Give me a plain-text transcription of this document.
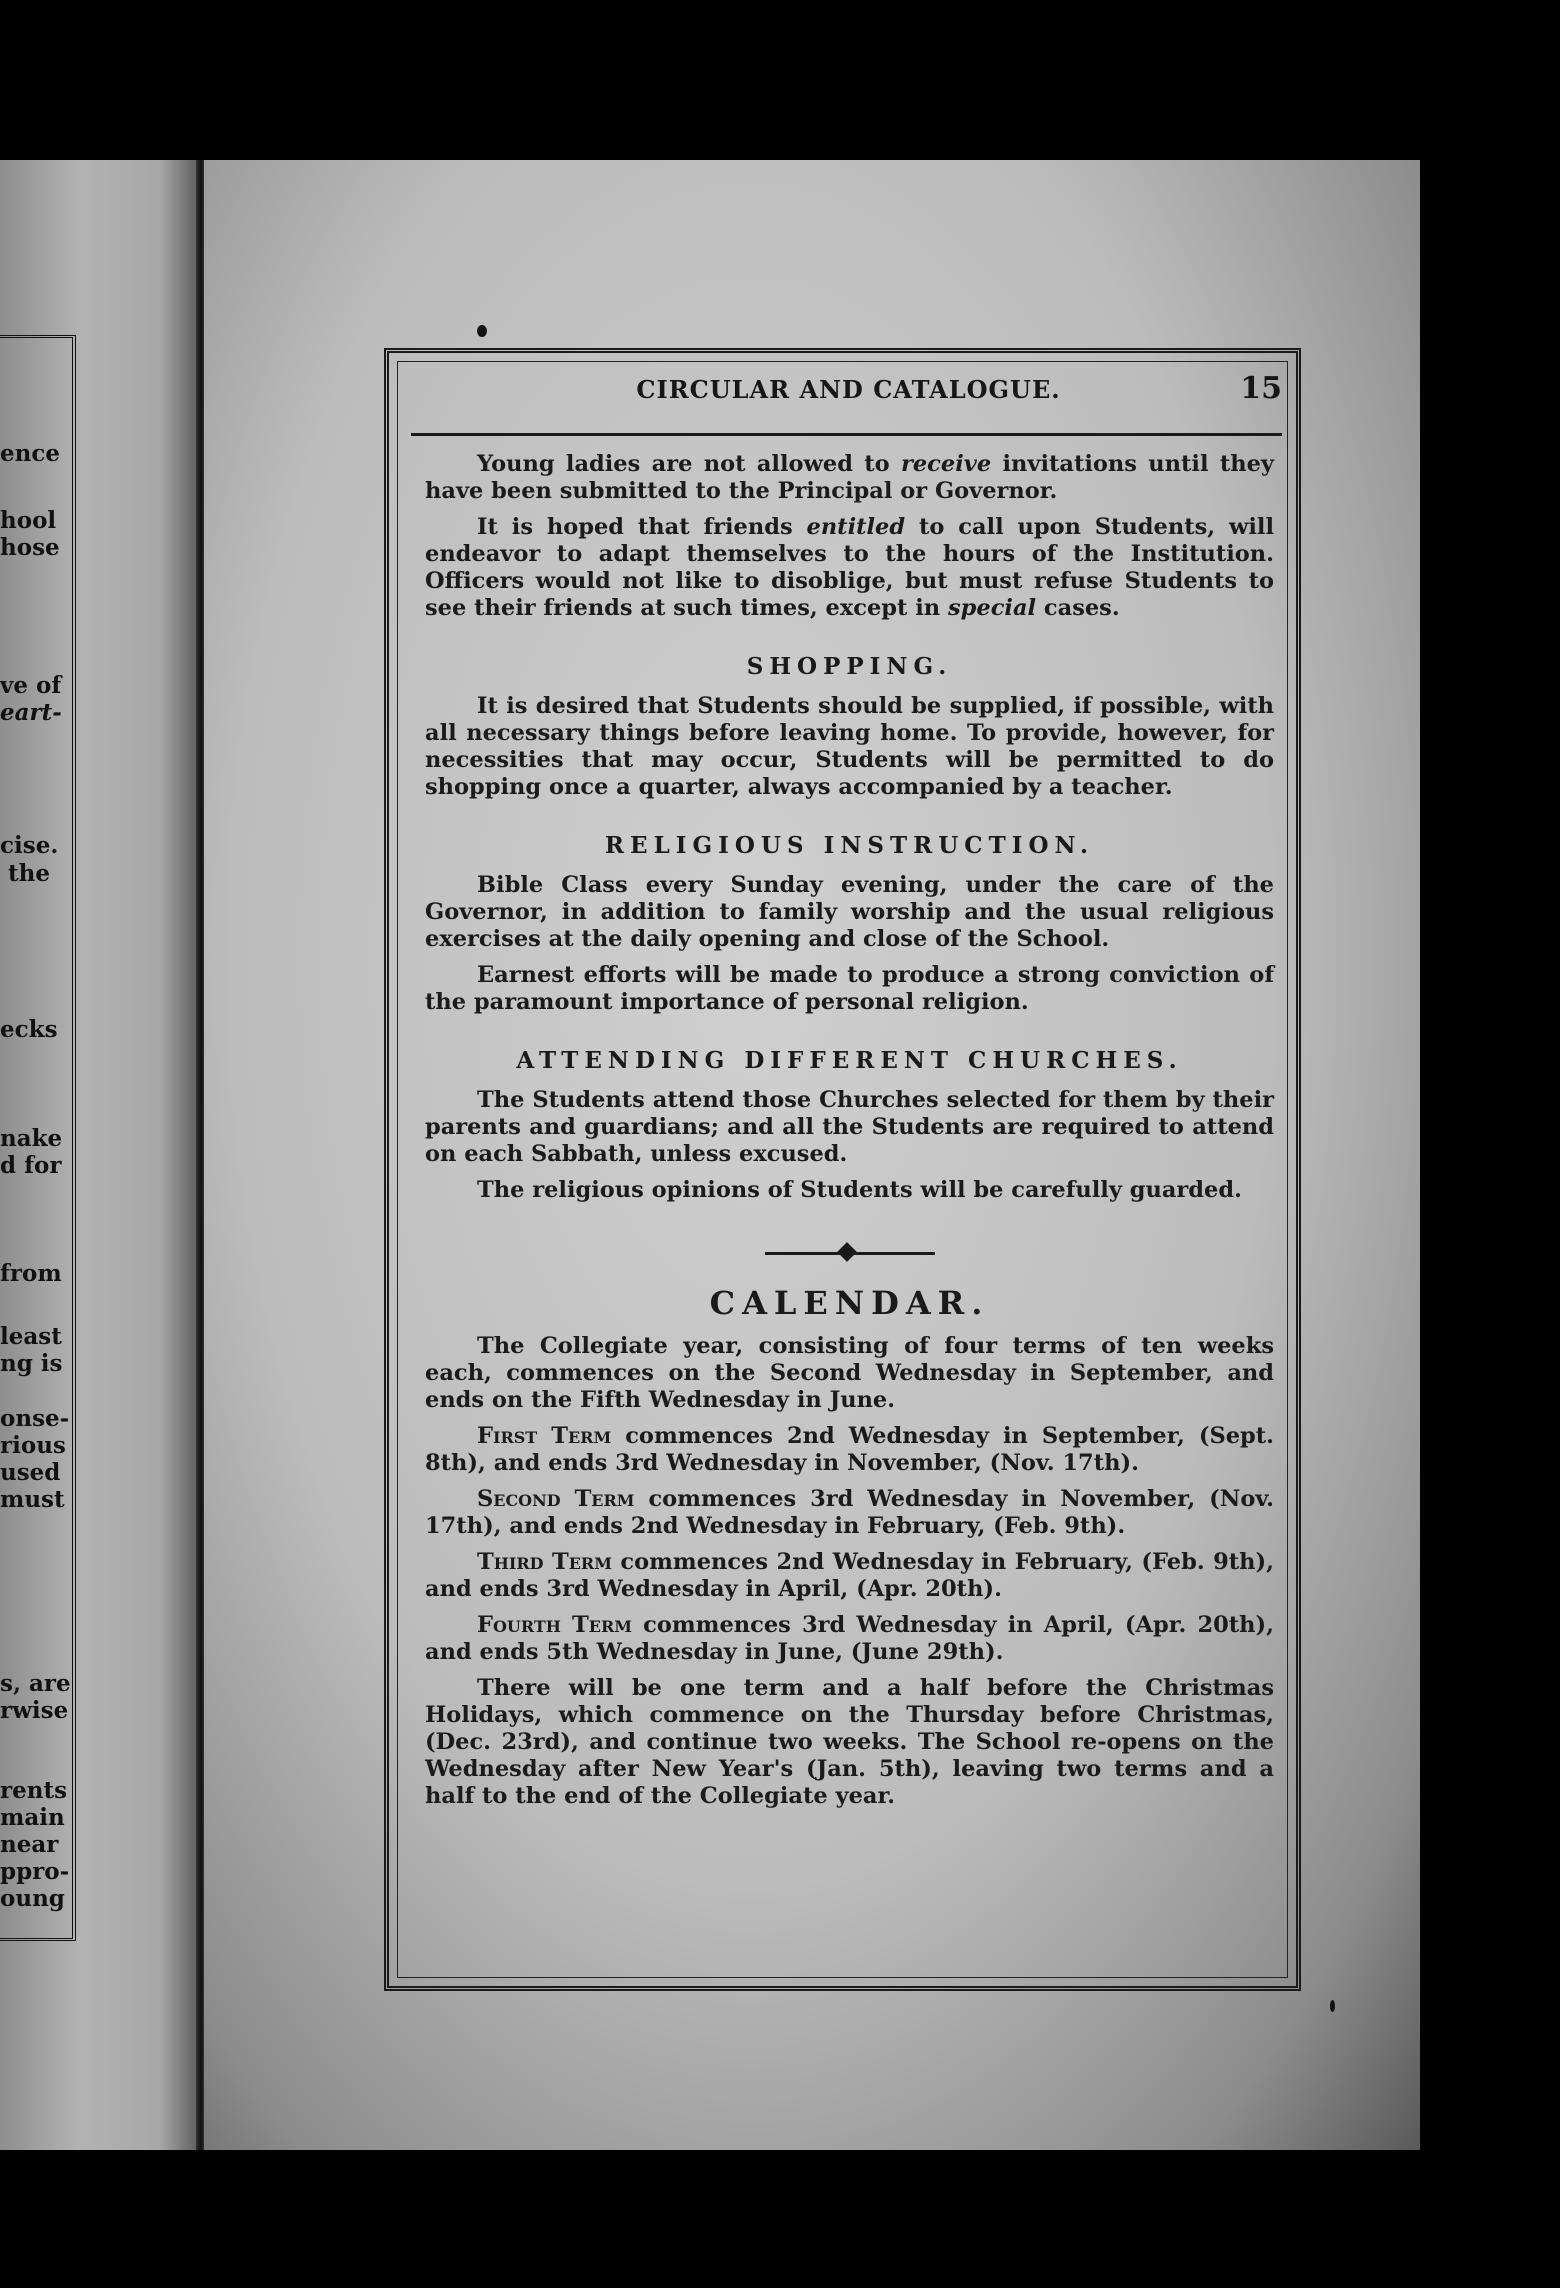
ence
hool
hose
ve of
eart-
cise.
the
ecks
nake
d for
from
least
ng is
onse-
rious
used
must
s, are
rwise
rents
main
near
ppro-
oung
CIRCULAR AND CATALOGUE.	15

Young ladies are not allowed to receive invitations until they have been submitted to the Principal or Governor.

It is hoped that friends entitled to call upon Students, will endeavor to adapt themselves to the hours of the Institution. Officers would not like to disoblige, but must refuse Students to see their friends at such times, except in special cases.

SHOPPING.

It is desired that Students should be supplied, if possible, with all necessary things before leaving home. To provide, however, for necessities that may occur, Students will be permitted to do shopping once a quarter, always accompanied by a teacher.

RELIGIOUS INSTRUCTION.

Bible Class every Sunday evening, under the care of the Governor, in addition to family worship and the usual religious exercises at the daily opening and close of the School.

Earnest efforts will be made to produce a strong conviction of the paramount importance of personal religion.

ATTENDING DIFFERENT CHURCHES.

The Students attend those Churches selected for them by their parents and guardians; and all the Students are required to attend on each Sabbath, unless excused.

The religious opinions of Students will be carefully guarded.

CALENDAR.

The Collegiate year, consisting of four terms of ten weeks each, commences on the Second Wednesday in September, and ends on the Fifth Wednesday in June.

First Term commences 2nd Wednesday in September, (Sept. 8th), and ends 3rd Wednesday in November, (Nov. 17th).

Second Term commences 3rd Wednesday in November, (Nov. 17th), and ends 2nd Wednesday in February, (Feb. 9th).

Third Term commences 2nd Wednesday in February, (Feb. 9th), and ends 3rd Wednesday in April, (Apr. 20th).

Fourth Term commences 3rd Wednesday in April, (Apr. 20th), and ends 5th Wednesday in June, (June 29th).

There will be one term and a half before the Christmas Holidays, which commence on the Thursday before Christmas, (Dec. 23rd), and continue two weeks. The School re-opens on the Wednesday after New Year's (Jan. 5th), leaving two terms and a half to the end of the Collegiate year.
